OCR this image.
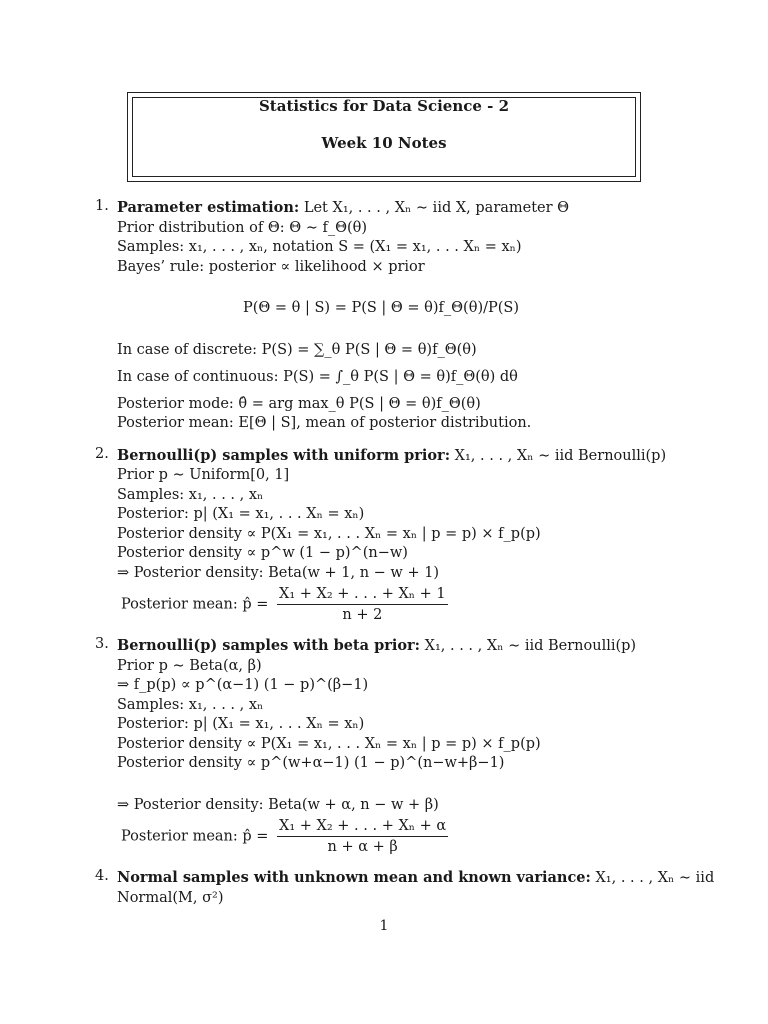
Statistics for Data Science - 2
Week 10 Notes
1. Parameter estimation: Let X₁, . . . , Xₙ ∼ iid X, parameter Θ
Prior distribution of Θ: Θ ∼ f_Θ(θ)
Samples: x₁, . . . , xₙ, notation S = (X₁ = x₁, . . . Xₙ = xₙ)
Bayes’ rule: posterior ∝ likelihood × prior
P(Θ = θ | S) = P(S | Θ = θ)f_Θ(θ)/P(S)
In case of discrete: P(S) = ∑_θ P(S | Θ = θ)f_Θ(θ)
In case of continuous: P(S) = ∫_θ P(S | Θ = θ)f_Θ(θ) dθ
Posterior mode: θ̂ = arg max_θ P(S | Θ = θ)f_Θ(θ)
Posterior mean: E[Θ | S], mean of posterior distribution.
2. Bernoulli(p) samples with uniform prior: X₁, . . . , Xₙ ∼ iid Bernoulli(p)
Prior p ∼ Uniform[0, 1]
Samples: x₁, . . . , xₙ
Posterior: p| (X₁ = x₁, . . . Xₙ = xₙ)
Posterior density ∝ P(X₁ = x₁, . . . Xₙ = xₙ | p = p) × f_p(p)
Posterior density ∝ p^w (1 − p)^(n−w)
⇒ Posterior density: Beta(w + 1, n − w + 1)
Posterior mean: p̂ = $\frac{\text{X₁ + X₂ + . . . + Xₙ + 1}}{n + 2}$
3. Bernoulli(p) samples with beta prior: X₁, . . . , Xₙ ∼ iid Bernoulli(p)
Prior p ∼ Beta(α, β)
⇒ f_p(p) ∝ p^(α−1) (1 − p)^(β−1)
Samples: x₁, . . . , xₙ
Posterior: p| (X₁ = x₁, . . . Xₙ = xₙ)
Posterior density ∝ P(X₁ = x₁, . . . Xₙ = xₙ | p = p) × f_p(p)
Posterior density ∝ p^(w+α−1) (1 − p)^(n−w+β−1)
⇒ Posterior density: Beta(w + α, n − w + β)
Posterior mean: p̂ = $\frac{\text{X₁ + X₂ + . . . + Xₙ + α}}{n + \alpha + \beta}$
4. Normal samples with unknown mean and known variance: X₁, . . . , Xₙ ∼ iid
Normal(M, σ²)
1
